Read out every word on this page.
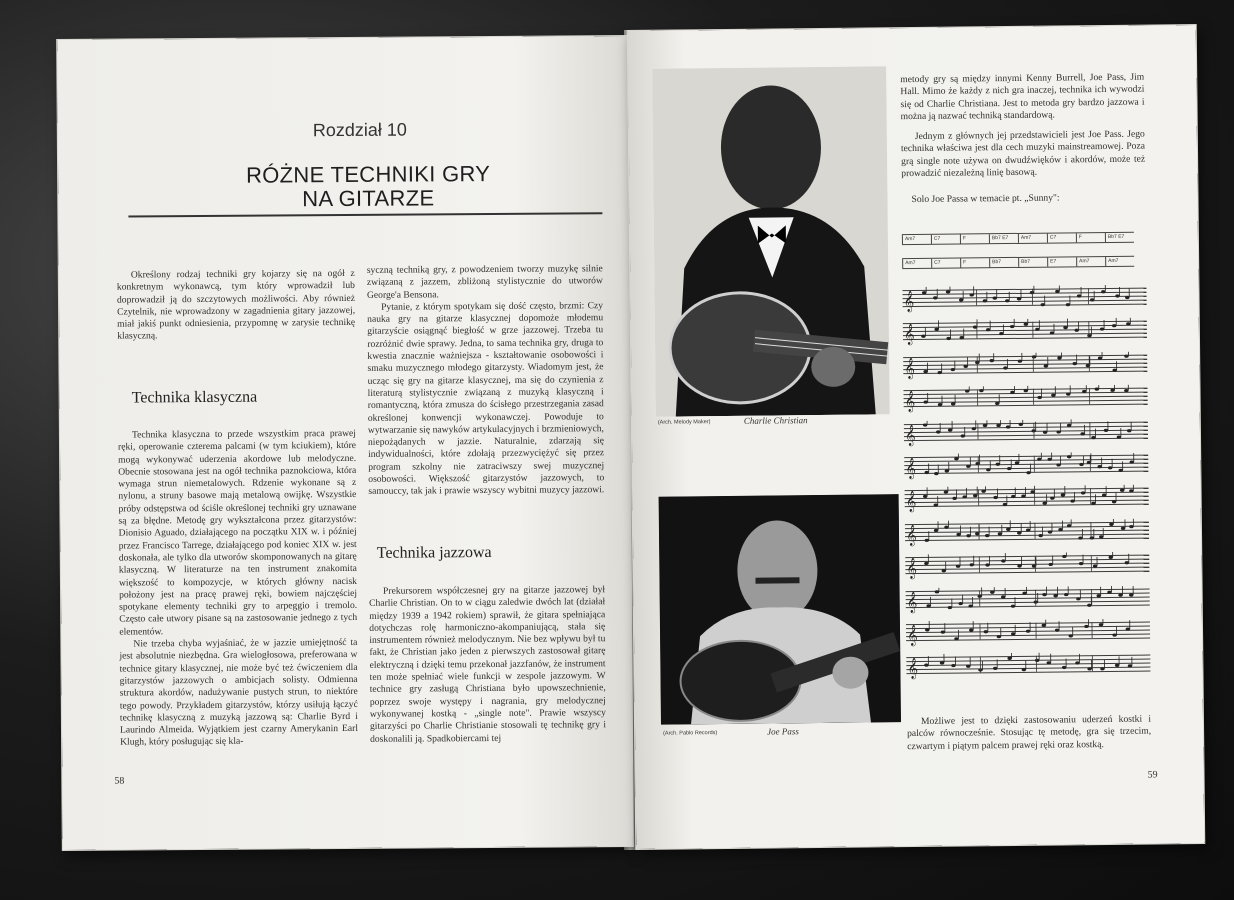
Rozdział 10
RÓŻNE TECHNIKI GRY
NA GITARZE

Określony rodzaj techniki gry kojarzy się na ogół z konkretnym wykonawcą, tym który wprowadził lub doprowadził ją do szczytowych możliwości. Aby również Czytelnik, nie wprowadzony w zagadnienia gitary jazzowej, miał jakiś punkt odniesienia, przypomnę w zarysie technikę klasyczną.

Technika klasyczna

Technika klasyczna to przede wszystkim praca prawej ręki, operowanie czterema palcami (w tym kciukiem), które mogą wykonywać uderzenia akordowe lub melodyczne. Obecnie stosowana jest na ogół technika paznokciowa, która wymaga strun niemetalowych. Rdzenie wykonane są z nylonu, a struny basowe mają metalową owijkę. Wszystkie próby odstępstwa od ściśle określonej techniki gry uznawane są za błędne. Metodę gry wykształcona przez gitarzystów: Dionisio Aguado, działającego na początku XIX w. i później przez Francisco Tarrege, działającego pod koniec XIX w. jest doskonała, ale tylko dla utworów skomponowanych na gitarę klasyczną. W literaturze na ten instrument znakomita większość to kompozycje, w których główny nacisk położony jest na pracę prawej ręki, bowiem najczęściej spotykane elementy techniki gry to arpeggio i tremolo. Często całe utwory pisane są na zastosowanie jednego z tych elementów.

Nie trzeba chyba wyjaśniać, że w jazzie umiejętność ta jest absolutnie niezbędna. Gra wielogłosowa, preferowana w technice gitary klasycznej, nie może być też ćwiczeniem dla gitarzystów jazzowych o ambicjach solisty. Odmienna struktura akordów, nadużywanie pustych strun, to niektóre tego powody. Przykładem gitarzystów, którzy usiłują łączyć technikę klasyczną z muzyką jazzową są: Charlie Byrd i Laurindo Almeida. Wyjątkiem jest czarny Amerykanin Earl Klugh, który posługując się kla-

syczną techniką gry, z powodzeniem tworzy muzykę silnie związaną z jazzem, zbliżoną stylistycznie do utworów George'a Bensona.

Pytanie, z którym spotykam się dość często, brzmi: Czy nauka gry na gitarze klasycznej dopomoże młodemu gitarzyście osiągnąć biegłość w grze jazzowej. Trzeba tu rozróżnić dwie sprawy. Jedna, to sama technika gry, druga to kwestia znacznie ważniejsza - kształtowanie osobowości i smaku muzycznego młodego gitarzysty. Wiadomym jest, że ucząc się gry na gitarze klasycznej, ma się do czynienia z literaturą stylistycznie związaną z muzyką klasyczną i romantyczną, która zmusza do ścisłego przestrzegania zasad określonej konwencji wykonawczej. Powoduje to wytwarzanie się nawyków artykulacyjnych i brzmieniowych, niepożądanych w jazzie. Naturalnie, zdarzają się indywidualności, które zdołają przezwyciężyć się przez program szkolny nie zatraciwszy swej muzycznej osobowości. Większość gitarzystów jazzowych, to samouccy, tak jak i prawie wszyscy wybitni muzycy jazzowi.

Technika jazzowa

Prekursorem współczesnej gry na gitarze jazzowej był Charlie Christian. On to w ciągu zaledwie dwóch lat (działał między 1939 a 1942 rokiem) sprawił, że gitara spełniająca dotychczas rolę harmoniczno-akompaniującą, stała się instrumentem również melodycznym. Nie bez wpływu był tu fakt, że Christian jako jeden z pierwszych zastosował gitarę elektryczną i dzięki temu przekonał jazzfanów, że instrument ten może spełniać wiele funkcji w zespole jazzowym. W technice gry zasługą Christiana było upowszechnienie, poprzez swoje występy i nagrania, gry melodycznej wykonywanej kostką - „single note". Prawie wszyscy gitarzyści po Charlie Christianie stosowali tę technikę gry i doskonalili ją. Spadkobiercami tej

58
(Arch. Melody Maker)	Charlie Christian
(Arch. Pablo Records)	Joe Pass

metody gry są między innymi Kenny Burrell, Joe Pass, Jim Hall. Mimo że każdy z nich gra inaczej, technika ich wywodzi się od Charlie Christiana. Jest to metoda gry bardzo jazzowa i można ją nazwać techniką standardową.

Jednym z głównych jej przedstawicieli jest Joe Pass. Jego technika właściwa jest dla cech muzyki mainstreamowej. Poza grą single note używa on dwudźwięków i akordów, może też prowadzić niezależną linię basową.

Solo Joe Passa w temacie pt. „Sunny":

Am7	C7	F	Bb7 E7	Am7	C7	F	Bb7 E7
Am7	C7	F	Bb7	Bb7	E7	Am7	Am7
𝄞
𝄞
𝄞
𝄞
𝄞
𝄞
𝄞
𝄞
𝄞
𝄞
𝄞
𝄞

Możliwe jest to dzięki zastosowaniu uderzeń kostki i palców równocześnie. Stosując tę metodę, gra się trzecim, czwartym i piątym palcem prawej ręki oraz kostką.

59
